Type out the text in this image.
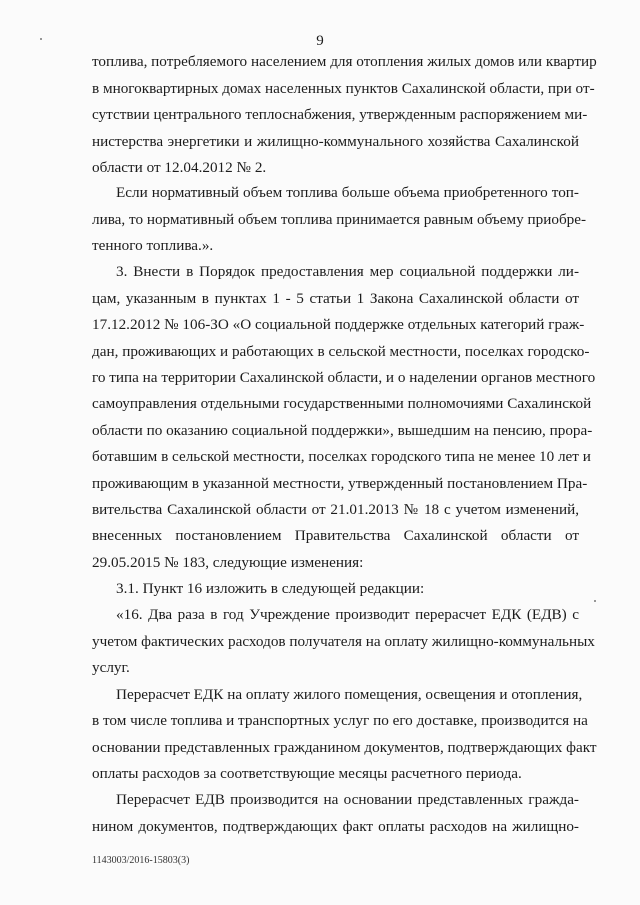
9
топлива, потребляемого населением для отопления жилых домов или квартир
в многоквартирных домах населенных пунктов Сахалинской области, при от-
сутствии центрального теплоснабжения, утвержденным распоряжением ми-
нистерства энергетики и жилищно-коммунального хозяйства Сахалинской
области от 12.04.2012 № 2.
Если нормативный объем топлива больше объема приобретенного топ-
лива, то нормативный объем топлива принимается равным объему приобре-
тенного топлива.».
3. Внести в Порядок предоставления мер социальной поддержки ли-
цам, указанным в пунктах 1 - 5 статьи 1 Закона Сахалинской области от
17.12.2012 № 106-ЗО «О социальной поддержке отдельных категорий граж-
дан, проживающих и работающих в сельской местности, поселках городско-
го типа на территории Сахалинской области, и о наделении органов местного
самоуправления отдельными государственными полномочиями Сахалинской
области по оказанию социальной поддержки», вышедшим на пенсию, прора-
ботавшим в сельской местности, поселках городского типа не менее 10 лет и
проживающим в указанной местности, утвержденный постановлением Пра-
вительства Сахалинской области от 21.01.2013 № 18 с учетом изменений,
внесенных постановлением Правительства Сахалинской области от
29.05.2015 № 183, следующие изменения:
3.1. Пункт 16 изложить в следующей редакции:
«16. Два раза в год Учреждение производит перерасчет ЕДК (ЕДВ) с
учетом фактических расходов получателя на оплату жилищно-коммунальных
услуг.
Перерасчет ЕДК на оплату жилого помещения, освещения и отопления,
в том числе топлива и транспортных услуг по его доставке, производится на
основании представленных гражданином документов, подтверждающих факт
оплаты расходов за соответствующие месяцы расчетного периода.
Перерасчет ЕДВ производится на основании представленных гражда-
нином документов, подтверждающих факт оплаты расходов на жилищно-
1143003/2016-15803(3)
